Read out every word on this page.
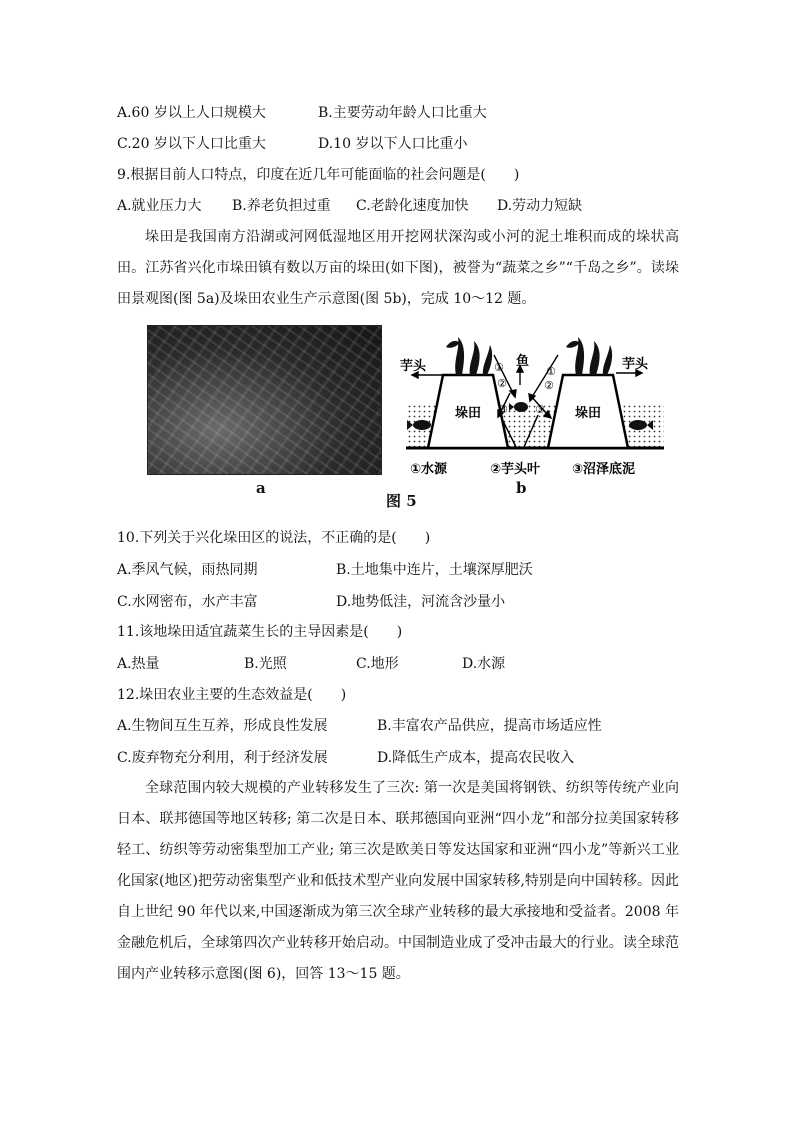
A.60 岁以上人口规模大	B.主要劳动年龄人口比重大
C.20 岁以下人口比重大	D.10 岁以下人口比重小
9.根据目前人口特点，印度在近几年可能面临的社会问题是(　　)
A.就业压力大 B.养老负担过重 C.老龄化速度加快 D.劳动力短缺
垛田是我国南方沿湖或河网低湿地区用开挖网状深沟或小河的泥土堆积而成的垛状高田。江苏省兴化市垛田镇有数以万亩的垛田(如下图)，被誉为“蔬菜之乡”“千岛之乡”。读垛田景观图(图 5a)及垛田农业生产示意图(图 5b)，完成 10～12 题。
a
芋头	芋头
鱼
垛田	垛田
①水源	②芋头叶 ③沼泽底泥
①
②
③
①
②
③
b
图 5
10.下列关于兴化垛田区的说法，不正确的是(　　)
A.季风气候，雨热同期	B.土地集中连片，土壤深厚肥沃
C.水网密布，水产丰富	D.地势低洼，河流含沙量小
11.该地垛田适宜蔬菜生长的主导因素是(　　)
A.热量	B.光照	C.地形	D.水源
12.垛田农业主要的生态效益是(　　)
A.生物间互生互养，形成良性发展	B.丰富农产品供应，提高市场适应性
C.废弃物充分利用，利于经济发展	D.降低生产成本，提高农民收入
全球范围内较大规模的产业转移发生了三次: 第一次是美国将钢铁、纺织等传统产业向日本、联邦德国等地区转移; 第二次是日本、联邦德国向亚洲“四小龙”和部分拉美国家转移轻工、纺织等劳动密集型加工产业; 第三次是欧美日等发达国家和亚洲“四小龙”等新兴工业化国家(地区)把劳动密集型产业和低技术型产业向发展中国家转移,特别是向中国转移。因此自上世纪 90 年代以来,中国逐渐成为第三次全球产业转移的最大承接地和受益者。2008 年金融危机后，全球第四次产业转移开始启动。中国制造业成了受冲击最大的行业。读全球范围内产业转移示意图(图 6)，回答 13～15 题。
